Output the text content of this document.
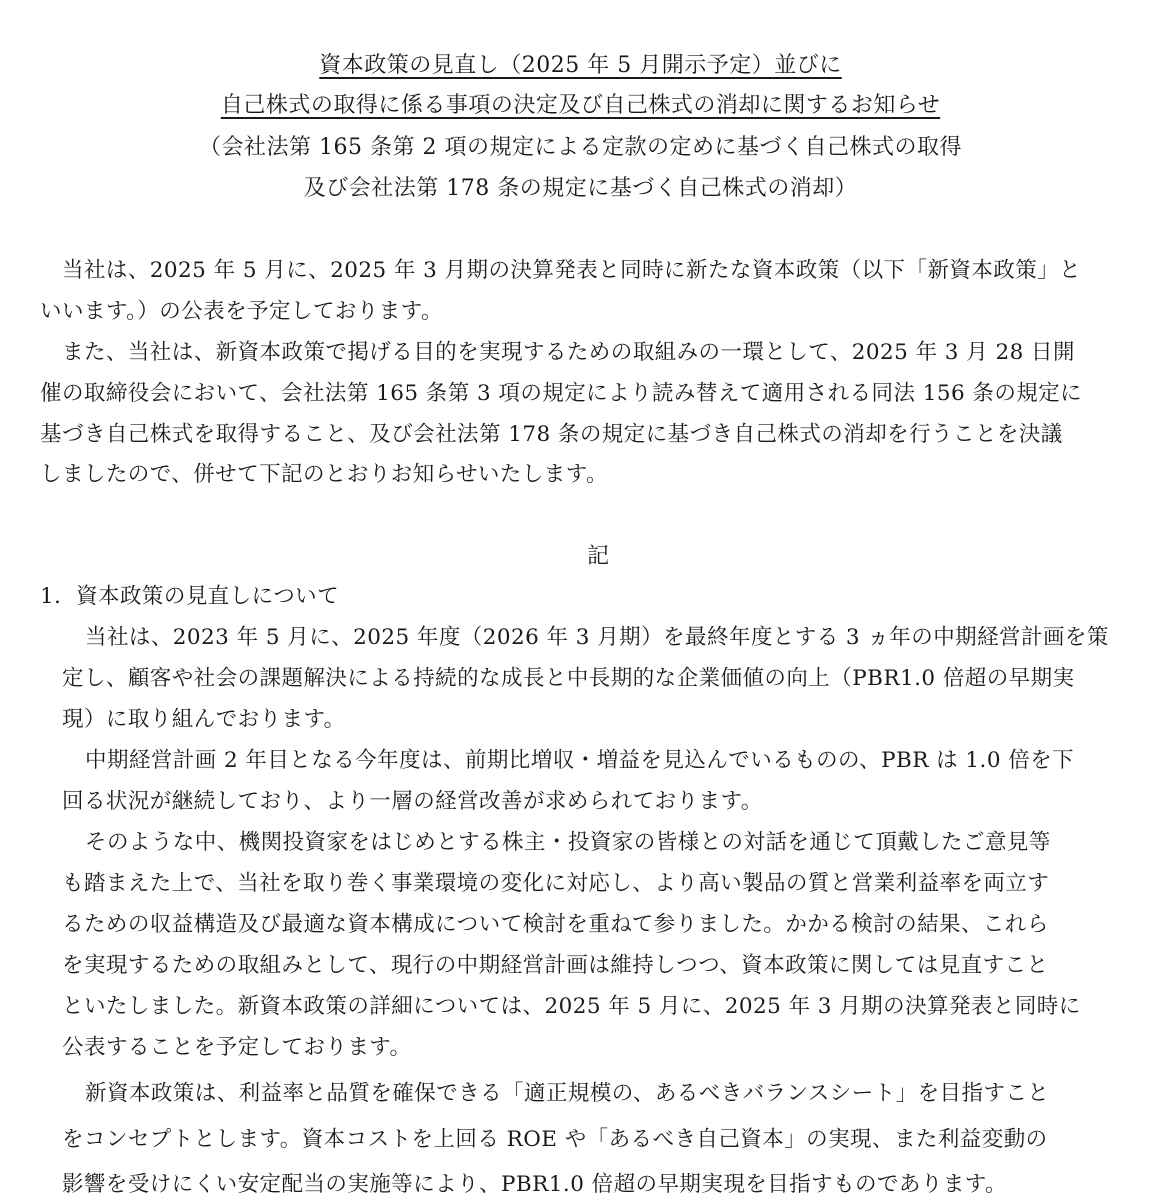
資本政策の見直し（2025 年 5 月開示予定）並びに
自己株式の取得に係る事項の決定及び自己株式の消却に関するお知らせ
（会社法第 165 条第 2 項の規定による定款の定めに基づく自己株式の取得
及び会社法第 178 条の規定に基づく自己株式の消却）
当社は、2025 年 5 月に、2025 年 3 月期の決算発表と同時に新たな資本政策（以下「新資本政策」と
いいます。）の公表を予定しております。
また、当社は、新資本政策で掲げる目的を実現するための取組みの一環として、2025 年 3 月 28 日開
催の取締役会において、会社法第 165 条第 3 項の規定により読み替えて適用される同法 156 条の規定に
基づき自己株式を取得すること、及び会社法第 178 条の規定に基づき自己株式の消却を行うことを決議
しましたので、併せて下記のとおりお知らせいたします。
記
1．資本政策の見直しについて
当社は、2023 年 5 月に、2025 年度（2026 年 3 月期）を最終年度とする 3 ヵ年の中期経営計画を策
定し、顧客や社会の課題解決による持続的な成長と中長期的な企業価値の向上（PBR1.0 倍超の早期実
現）に取り組んでおります。
中期経営計画 2 年目となる今年度は、前期比増収・増益を見込んでいるものの、PBR は 1.0 倍を下
回る状況が継続しており、より一層の経営改善が求められております。
そのような中、機関投資家をはじめとする株主・投資家の皆様との対話を通じて頂戴したご意見等
も踏まえた上で、当社を取り巻く事業環境の変化に対応し、より高い製品の質と営業利益率を両立す
るための収益構造及び最適な資本構成について検討を重ねて参りました。かかる検討の結果、これら
を実現するための取組みとして、現行の中期経営計画は維持しつつ、資本政策に関しては見直すこと
といたしました。新資本政策の詳細については、2025 年 5 月に、2025 年 3 月期の決算発表と同時に
公表することを予定しております。
新資本政策は、利益率と品質を確保できる「適正規模の、あるべきバランスシート」を目指すこと
をコンセプトとします。資本コストを上回る ROE や「あるべき自己資本」の実現、また利益変動の
影響を受けにくい安定配当の実施等により、PBR1.0 倍超の早期実現を目指すものであります。
